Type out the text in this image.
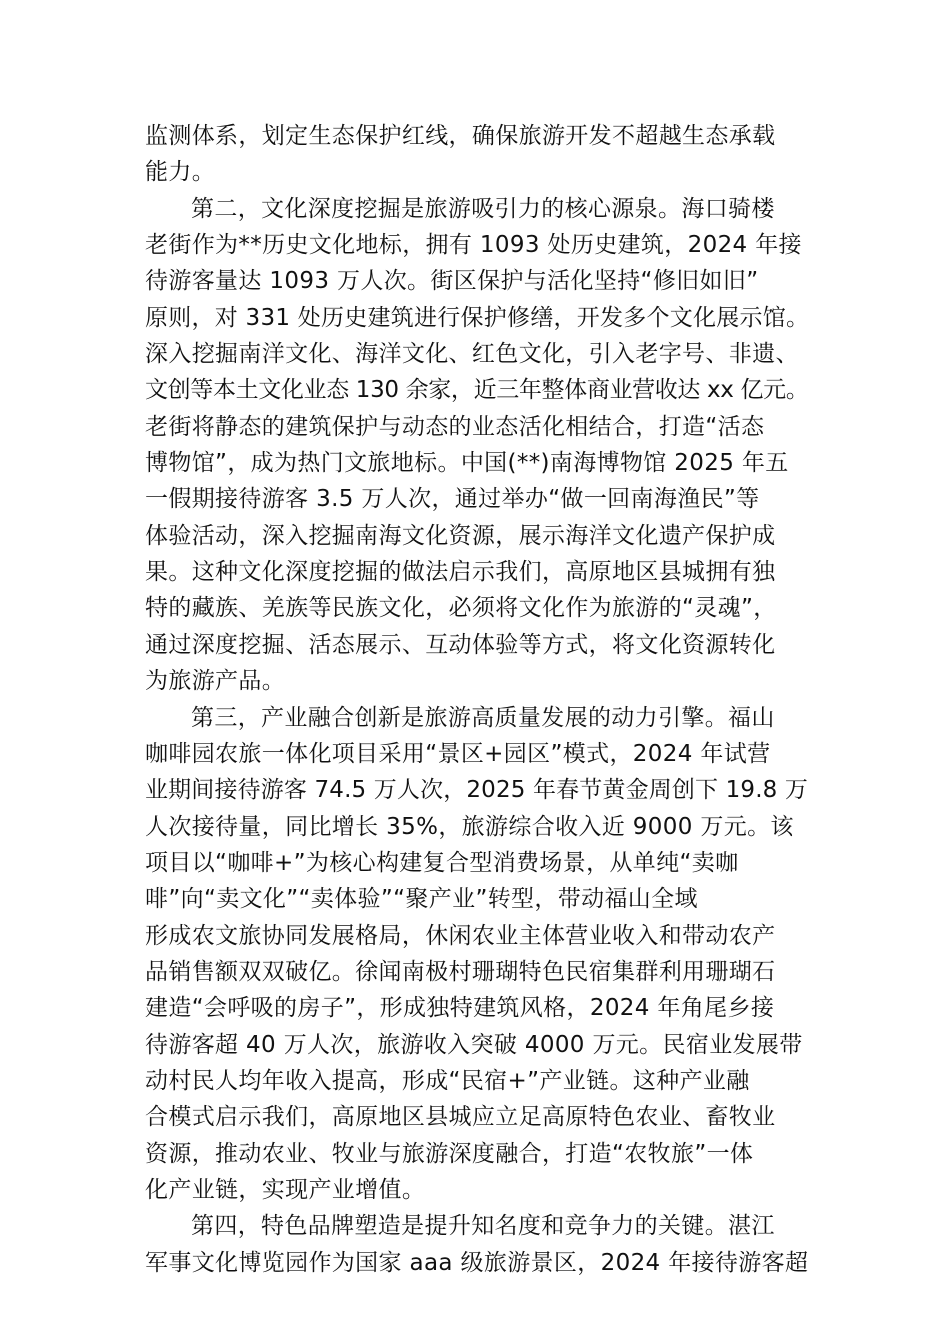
监测体系，划定生态保护红线，确保旅游开发不超越生态承载
能力。
第二，文化深度挖掘是旅游吸引力的核心源泉。海口骑楼
老街作为**历史文化地标，拥有 1093 处历史建筑，2024 年接
待游客量达 1093 万人次。街区保护与活化坚持“修旧如旧”
原则，对 331 处历史建筑进行保护修缮，开发多个文化展示馆。
深入挖掘南洋文化、海洋文化、红色文化，引入老字号、非遗、
文创等本土文化业态 130 余家，近三年整体商业营收达 xx 亿元。
老街将静态的建筑保护与动态的业态活化相结合，打造“活态
博物馆”，成为热门文旅地标。中国(**)南海博物馆 2025 年五
一假期接待游客 3.5 万人次，通过举办“做一回南海渔民”等
体验活动，深入挖掘南海文化资源，展示海洋文化遗产保护成
果。这种文化深度挖掘的做法启示我们，高原地区县城拥有独
特的藏族、羌族等民族文化，必须将文化作为旅游的“灵魂”，
通过深度挖掘、活态展示、互动体验等方式，将文化资源转化
为旅游产品。
第三，产业融合创新是旅游高质量发展的动力引擎。福山
咖啡园农旅一体化项目采用“景区+园区”模式，2024 年试营
业期间接待游客 74.5 万人次，2025 年春节黄金周创下 19.8 万
人次接待量，同比增长 35%，旅游综合收入近 9000 万元。该
项目以“咖啡+”为核心构建复合型消费场景，从单纯“卖咖
啡”向“卖文化”“卖体验”“聚产业”转型，带动福山全域
形成农文旅协同发展格局，休闲农业主体营业收入和带动农产
品销售额双双破亿。徐闻南极村珊瑚特色民宿集群利用珊瑚石
建造“会呼吸的房子”，形成独特建筑风格，2024 年角尾乡接
待游客超 40 万人次，旅游收入突破 4000 万元。民宿业发展带
动村民人均年收入提高，形成“民宿+”产业链。这种产业融
合模式启示我们，高原地区县城应立足高原特色农业、畜牧业
资源，推动农业、牧业与旅游深度融合，打造“农牧旅”一体
化产业链，实现产业增值。
第四，特色品牌塑造是提升知名度和竞争力的关键。湛江
军事文化博览园作为国家 aaa 级旅游景区，2024 年接待游客超
